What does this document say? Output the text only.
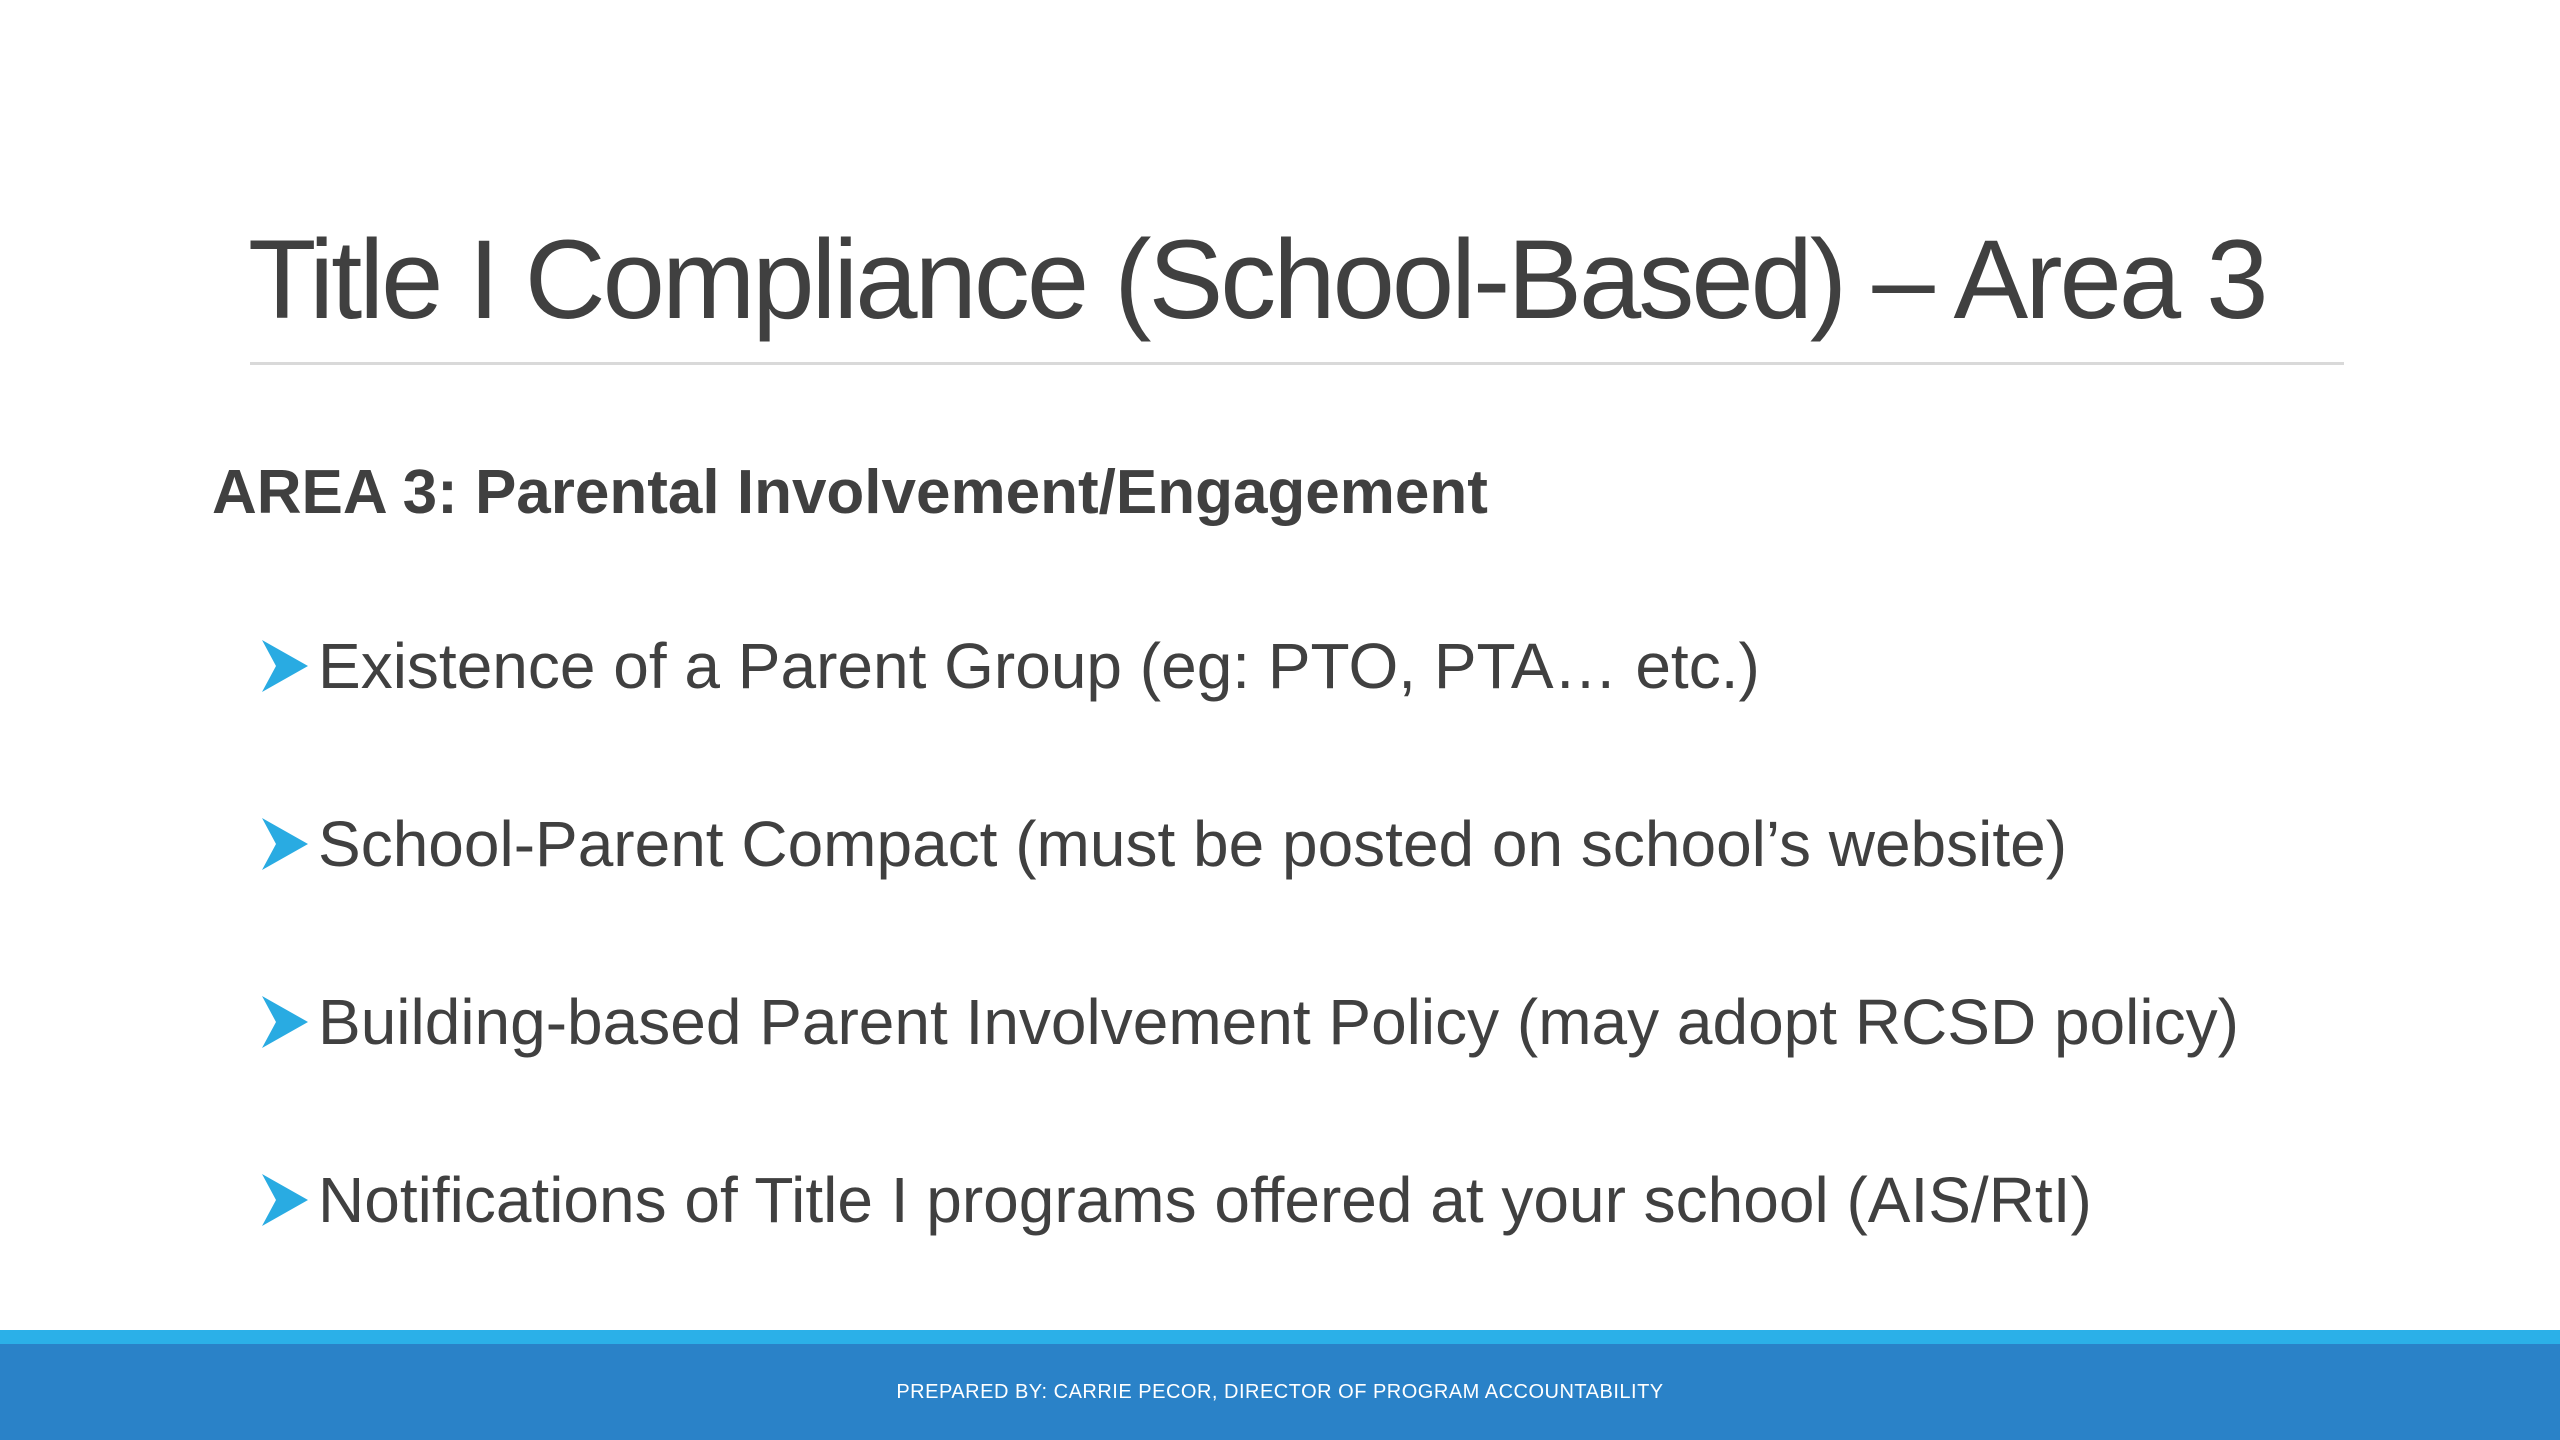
Title I Compliance (School-Based) – Area 3
AREA 3: Parental Involvement/Engagement
Existence of a Parent Group (eg: PTO, PTA… etc.)
School-Parent Compact (must be posted on school’s website)
Building-based Parent Involvement Policy (may adopt RCSD policy)
Notifications of Title I programs offered at your school (AIS/RtI)
PREPARED BY: CARRIE PECOR, DIRECTOR OF PROGRAM ACCOUNTABILITY
